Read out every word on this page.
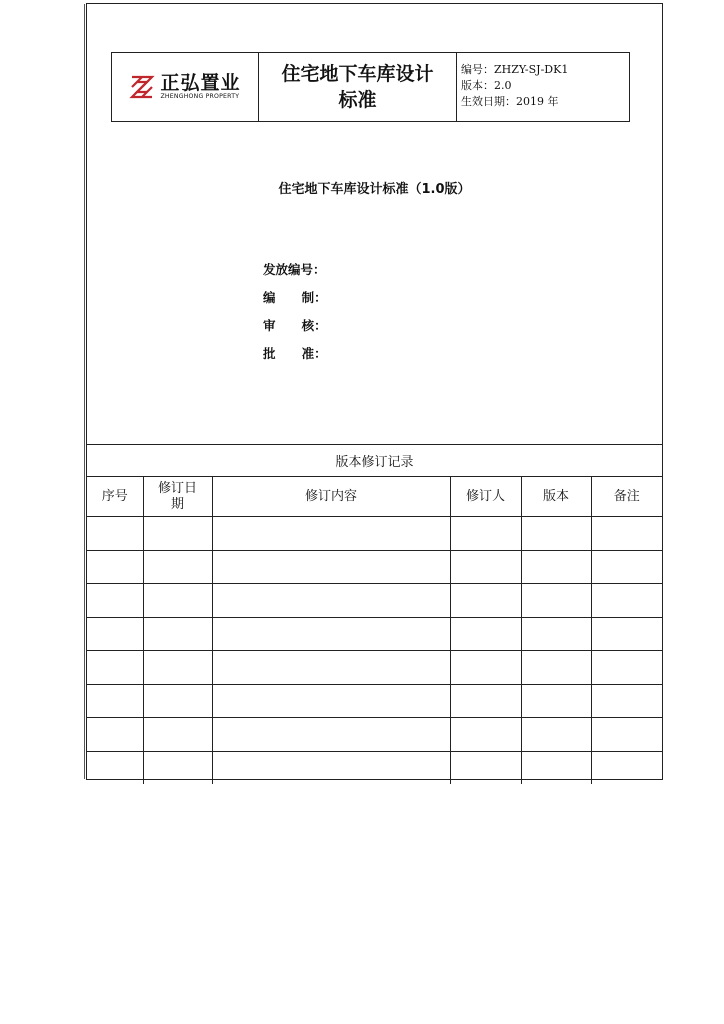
正弘置业
ZHENGHONG PROPERTY
住宅地下车库设计标准
编号：ZHZY-SJ-DK1
版本：2.0
生效日期：2019 年
住宅地下车库设计标准（1.0版）
发放编号：
编      制：
审      核：
批      准：
版本修订记录					
序号	修订日期	修订内容	修订人	版本	备注
